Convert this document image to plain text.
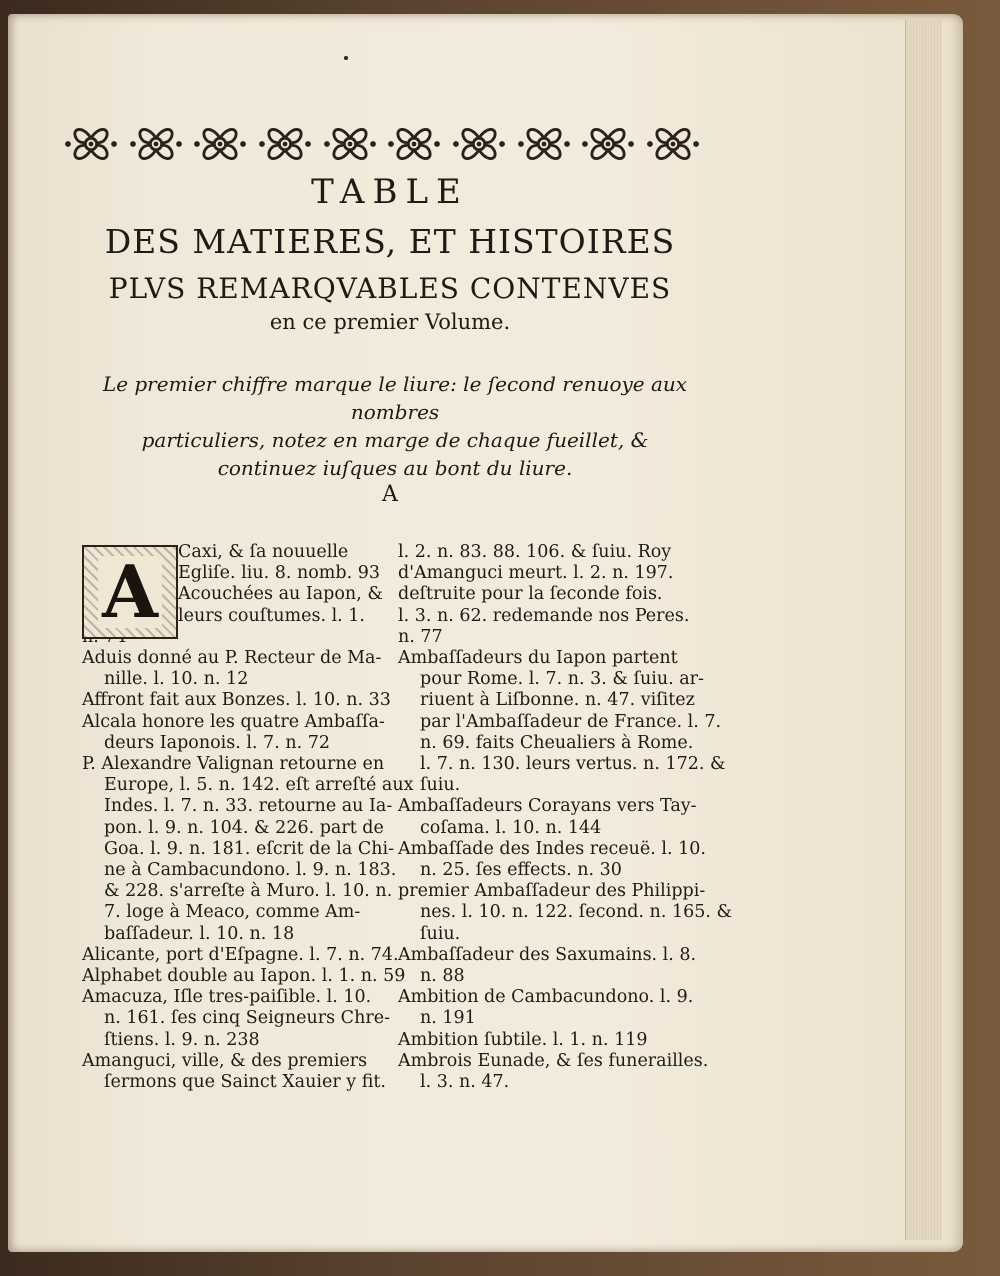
TABLE
DES MATIERES, ET HISTOIRES
PLVS REMARQVABLES CONTENVES
en ce premier Volume.
Le premier chiffre marque le liure: le ſecond renuoye aux nombres
particuliers, notez en marge de chaque fueillet, &
continuez iuſques au bont du liure.
A
Caxi, & ſa nouuelle
Egliſe. liu. 8. nomb. 93
Acouchées au Iapon, &
leurs couſtumes. l. 1.
Aduis donné au P. Recteur de Ma-
nille. l. 10. n. 12
Affront fait aux Bonzes. l. 10. n. 33
Alcala honore les quatre Ambaſſa-
deurs Iaponois. l. 7. n. 72
P. Alexandre Valignan retourne en
Europe, l. 5. n. 142. eſt arreſté aux
Indes. l. 7. n. 33. retourne au Ia-
pon. l. 9. n. 104. & 226. part de
Goa. l. 9. n. 181. eſcrit de la Chi-
ne à Cambacundono. l. 9. n. 183.
& 228. s'arreſte à Muro. l. 10. n.
7. loge à Meaco, comme Am-
baſſadeur. l. 10. n. 18
Alicante, port d'Eſpagne. l. 7. n. 74.
Alphabet double au Iapon. l. 1. n. 59
Amacuza, Iſle tres-paiſible. l. 10.
n. 161. ſes cinq Seigneurs Chre-
ſtiens. l. 9. n. 238
Amanguci, ville, & des premiers
ſermons que Sainct Xauier y fit.
l. 2. n. 83. 88. 106. & ſuiu. Roy
d'Amanguci meurt. l. 2. n. 197.
deſtruite pour la ſeconde fois.
l. 3. n. 62. redemande nos Peres.
n. 77
Ambaſſadeurs du Iapon partent
pour Rome. l. 7. n. 3. & ſuiu. ar-
riuent à Liſbonne. n. 47. viſitez
par l'Ambaſſadeur de France. l. 7.
n. 69. faits Cheualiers à Rome.
l. 7. n. 130. leurs vertus. n. 172. &
ſuiu.
Ambaſſadeurs Corayans vers Tay-
coſama. l. 10. n. 144
Ambaſſade des Indes receuë. l. 10.
n. 25. ſes effects. n. 30
premier Ambaſſadeur des Philippi-
nes. l. 10. n. 122. ſecond. n. 165. &
ſuiu.
Ambaſſadeur des Saxumains. l. 8.
n. 88
Ambition de Cambacundono. l. 9.
n. 191
Ambition ſubtile. l. 1. n. 119
Ambrois Eunade, & ſes funerailles.
l. 3. n. 47.
A
